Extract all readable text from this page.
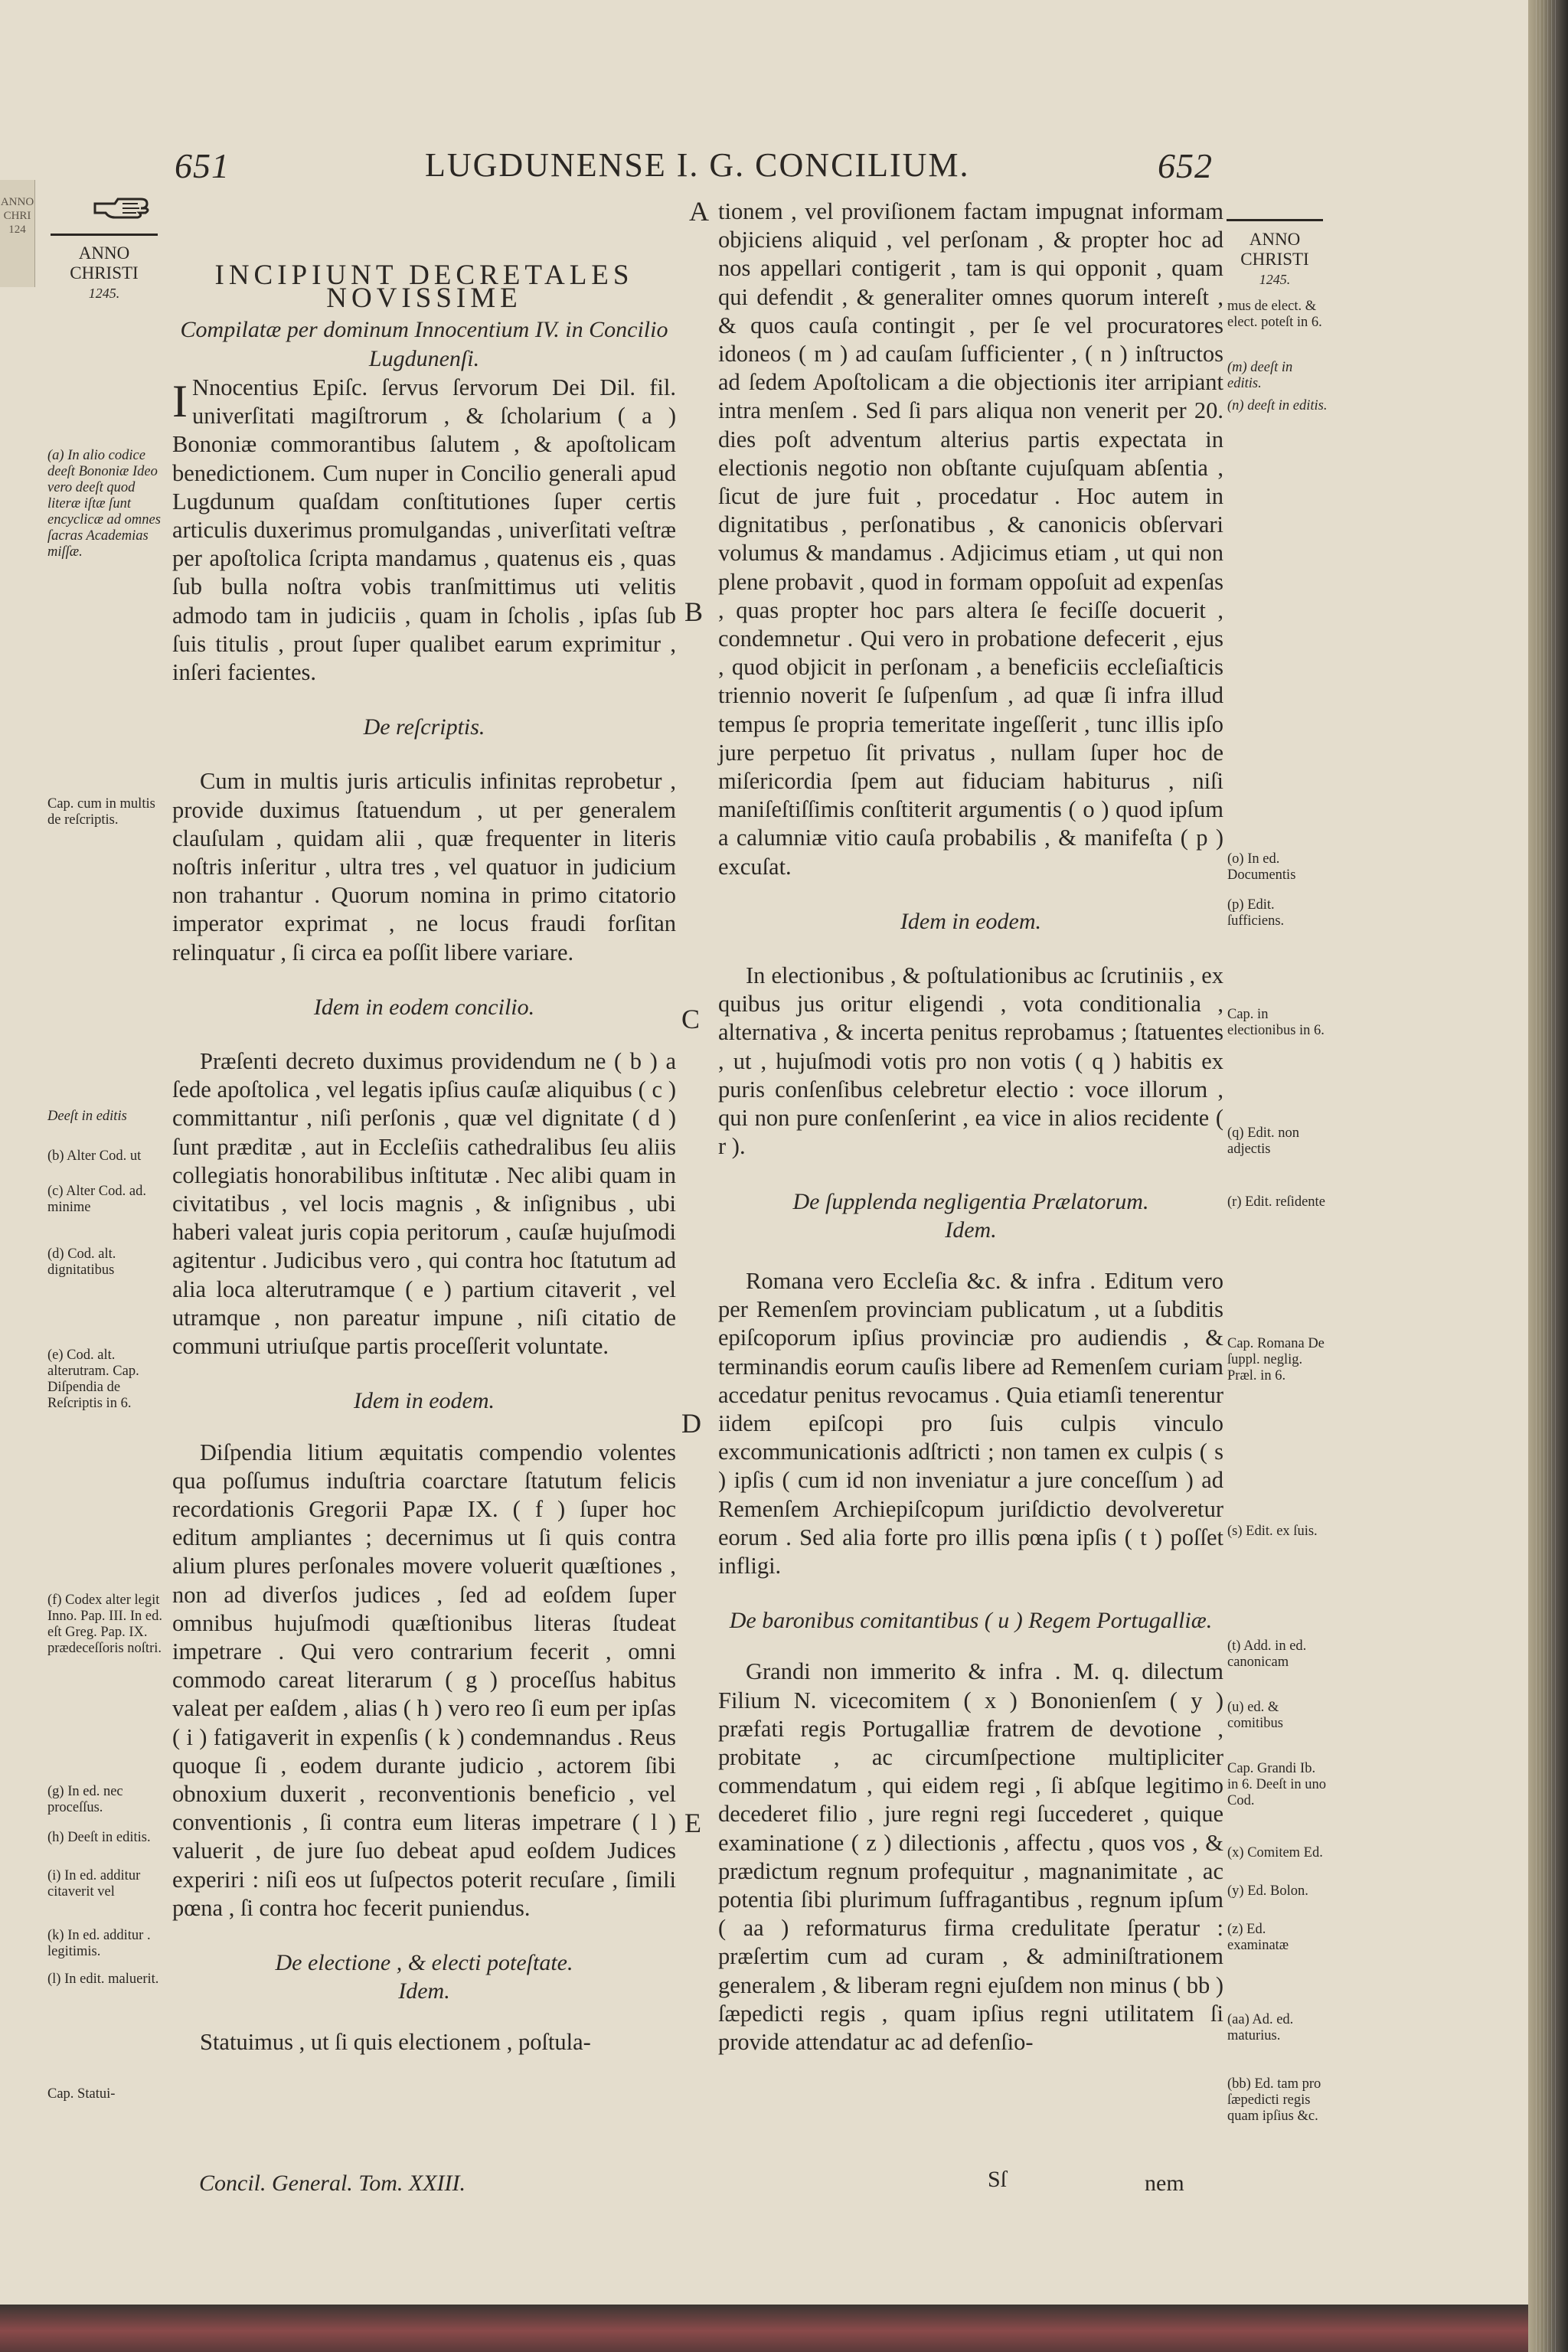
ANNO
CHRI
124
651	LUGDUNENSE I. G. CONCILIUM.	652
ANNO
CHRISTI
1245.
ANNO
CHRISTI
1245.
A
B
C
D
E

INCIPIUNT DECRETALES

NOVISSIME

Compilatæ per dominum Innocentium IV. in Concilio Lugdunenſi.

I Nnocentius Epiſc. ſervus ſervorum Dei Dil. fil. univerſitati magiſtrorum , & ſcholarium ( a ) Bononiæ commorantibus ſalutem , & apoſtolicam benedictionem. Cum nuper in Concilio generali apud Lugdunum quaſdam conſtitutiones ſuper certis articulis duxerimus promulgandas , univerſitati veſtræ per apoſtolica ſcripta mandamus , quatenus eis , quas ſub bulla noſtra vobis tranſmittimus uti velitis admodo tam in judiciis , quam in ſcholis , ipſas ſub ſuis titulis , prout ſuper qualibet earum exprimitur , inſeri facientes.

De reſcriptis.

Cum in multis juris articulis infinitas reprobetur , provide duximus ſtatuendum , ut per generalem clauſulam , quidam alii , quæ frequenter in literis noſtris inſeritur , ultra tres , vel quatuor in judicium non trahantur . Quorum nomina in primo citatorio imperator exprimat , ne locus fraudi forſitan relinquatur , ſi circa ea poſſit libere variare.

Idem in eodem concilio.

Præſenti decreto duximus providendum ne ( b ) a ſede apoſtolica , vel legatis ipſius cauſæ aliquibus ( c ) committantur , niſi perſonis , quæ vel dignitate ( d ) ſunt præditæ , aut in Eccleſiis cathedralibus ſeu aliis collegiatis honorabilibus inſtitutæ . Nec alibi quam in civitatibus , vel locis magnis , & inſignibus , ubi haberi valeat juris copia peritorum , cauſæ hujuſmodi agitentur . Judicibus vero , qui contra hoc ſtatutum ad alia loca alterutramque ( e ) partium citaverit , vel utramque , non pareatur impune , niſi citatio de communi utriuſque partis proceſſerit voluntate.

Idem in eodem.

Diſpendia litium æquitatis compendio volentes qua poſſumus induſtria coarctare ſtatutum felicis recordationis Gregorii Papæ IX. ( f ) ſuper hoc editum ampliantes ; decernimus ut ſi quis contra alium plures perſonales movere voluerit quæſtiones , non ad diverſos judices , ſed ad eoſdem ſuper omnibus hujuſmodi quæſtionibus literas ſtudeat impetrare . Qui vero contrarium fecerit , omni commodo careat literarum ( g ) proceſſus habitus valeat per eaſdem , alias ( h ) vero reo ſi eum per ipſas ( i ) fatigaverit in expenſis ( k ) condemnandus . Reus quoque ſi , eodem durante judicio , actorem ſibi obnoxium duxerit , reconventionis beneficio , vel conventionis , ſi contra eum literas impetrare ( l ) valuerit , de jure ſuo debeat apud eoſdem Judices experiri : niſi eos ut ſuſpectos poterit recuſare , ſimili pœna , ſi contra hoc fecerit puniendus.

De electione , & electi poteſtate.

Idem.

Statuimus , ut ſi quis electionem , poſtula-

Concil. General. Tom. XXIII.

tionem , vel proviſionem factam impugnat informam objiciens aliquid , vel perſonam , & propter hoc ad nos appellari contigerit , tam is qui opponit , quam qui defendit , & generaliter omnes quorum intereſt , & quos cauſa contingit , per ſe vel procuratores idoneos ( m ) ad cauſam ſufficienter , ( n ) inſtructos ad ſedem Apoſtolicam a die objectionis iter arripiant intra menſem . Sed ſi pars aliqua non venerit per 20. dies poſt adventum alterius partis expectata in electionis negotio non obſtante cujuſquam abſentia , ſicut de jure fuit , procedatur . Hoc autem in dignitatibus , perſonatibus , & canonicis obſervari volumus & mandamus . Adjicimus etiam , ut qui non plene probavit , quod in formam oppoſuit ad expenſas , quas propter hoc pars altera ſe feciſſe docuerit , condemnetur . Qui vero in probatione defecerit , ejus , quod objicit in perſonam , a beneficiis eccleſiaſticis triennio noverit ſe ſuſpenſum , ad quæ ſi infra illud tempus ſe propria temeritate ingeſſerit , tunc illis ipſo jure perpetuo ſit privatus , nullam ſuper hoc de miſericordia ſpem aut fiduciam habiturus , niſi maniſeſtiſſimis conſtiterit argumentis ( o ) quod ipſum a calumniæ vitio cauſa probabilis , & manifeſta ( p ) excuſat.

Idem in eodem.

In electionibus , & poſtulationibus ac ſcrutiniis , ex quibus jus oritur eligendi , vota conditionalia , alternativa , & incerta penitus reprobamus ; ſtatuentes , ut , hujuſmodi votis pro non votis ( q ) habitis ex puris conſenſibus celebretur electio : voce illorum , qui non pure conſenſerint , ea vice in alios recidente ( r ).

De ſupplenda negligentia Prælatorum.

Idem.

Romana vero Eccleſia &c. & infra . Editum vero per Remenſem provinciam publicatum , ut a ſubditis epiſcoporum ipſius provinciæ pro audiendis , & terminandis eorum cauſis libere ad Remenſem curiam accedatur penitus revocamus . Quia etiamſi tenerentur iidem epiſcopi pro ſuis culpis vinculo excommunicationis adſtricti ; non tamen ex culpis ( s ) ipſis ( cum id non inveniatur a jure conceſſum ) ad Remenſem Archiepiſcopum juriſdictio devolveretur eorum . Sed alia forte pro illis pœna ipſis ( t ) poſſet infligi.

De baronibus comitantibus ( u ) Regem Portugalliæ.

Grandi non immerito & infra . M. q. dilectum Filium N. vicecomitem ( x ) Bononienſem ( y ) præfati regis Portugalliæ fratrem de devotione , probitate , ac circumſpectione multipliciter commendatum , qui eidem regi , ſi abſque legitimo decederet filio , jure regni regi ſuccederet , quique examinatione ( z ) dilectionis , affectu , quos vos , & prædictum regnum profequitur , magnanimitate , ac potentia ſibi plurimum ſuffragantibus , regnum ipſum ( aa ) reformaturus firma credulitate ſperatur : præſertim cum ad curam , & adminiſtrationem generalem , & liberam regni ejuſdem non minus ( bb ) ſæpedicti regis , quam ipſius regni utilitatem ſi provide attendatur ac ad defenſio-

Sſ	nem
(a) In alio codice deeſt Bononiæ Ideo vero deeſt quod literæ iſtæ ſunt encyclicæ ad omnes ſacras Academias miſſæ.
Cap. cum in multis de reſcriptis.
Deeſt in editis
(b) Alter Cod. ut
(c) Alter Cod. ad. minime
(d) Cod. alt. dignitatibus
(e) Cod. alt. alterutram. Cap. Diſpendia de Reſcriptis in 6.
(f) Codex alter legit Inno. Pap. III. In ed. eſt Greg. Pap. IX. prædeceſſoris noſtri.
(g) In ed. nec proceſſus.
(h) Deeſt in editis.
(i) In ed. additur citaverit vel
(k) In ed. additur . legitimis.
(l) In edit. maluerit.
Cap. Statui-
mus de elect. & elect. poteſt in 6.
(m) deeſt in editis.
(n) deeſt in editis.
(o) In ed. Documentis
(p) Edit. ſufficiens.
Cap. in electionibus in 6.
(q) Edit. non adjectis
(r) Edit. reſidente
Cap. Romana De ſuppl. neglig. Præl. in 6.
(s) Edit. ex ſuis.
(t) Add. in ed. canonicam
(u) ed. & comitibus
Cap. Grandi Ib. in 6. Deeſt in uno Cod.
(x) Comitem Ed.
(y) Ed. Bolon.
(z) Ed. examinatæ
(aa) Ad. ed. maturius.
(bb) Ed. tam pro ſæpedicti regis quam ipſius &c.
